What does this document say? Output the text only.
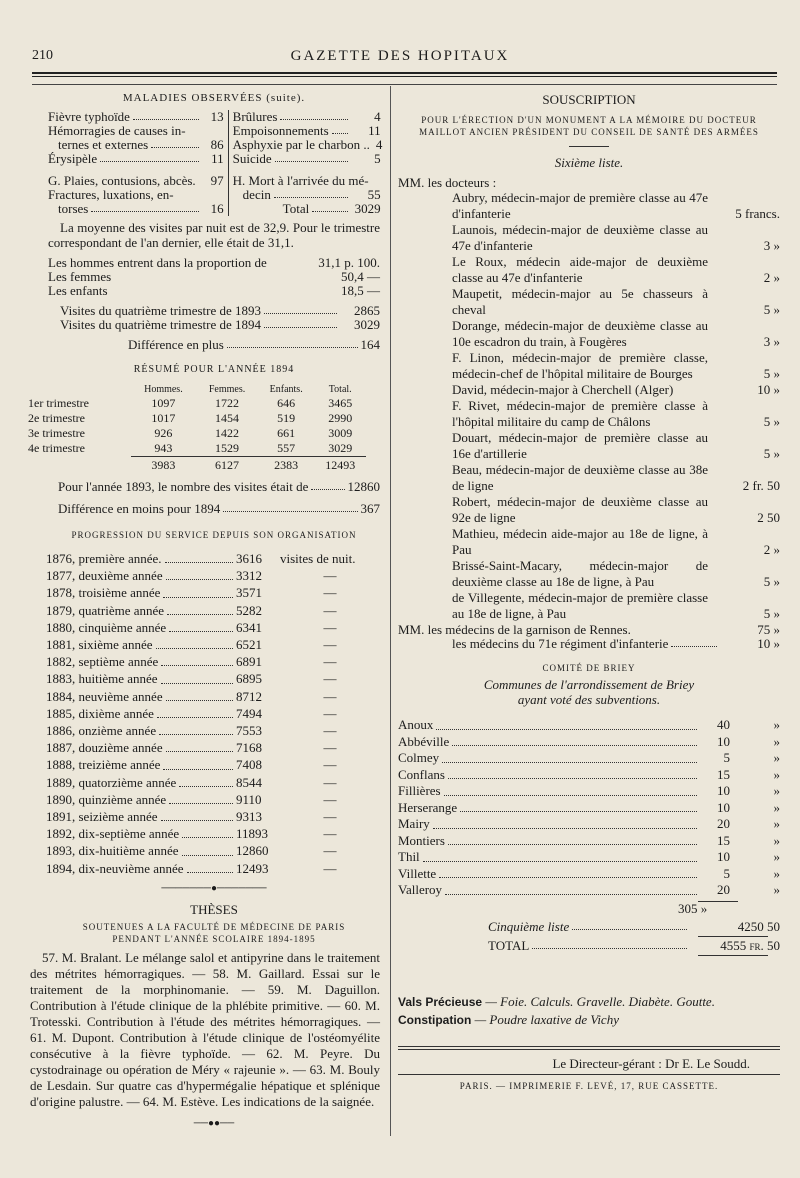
210	GAZETTE DES HOPITAUX
MALADIES OBSERVÉES (suite).
Fièvre typhoïde	13
Hémorragies de causes in-
ternes et externes	86
Érysipèle	11
G. Plaies, contusions, abcès.	97
Fractures, luxations, en-
torses	16
Brûlures	4
Empoisonnements	11
Asphyxie par le charbon .. 4
Suicide	5
H. Mort à l'arrivée du mé-
decin	55
Total	3029
La moyenne des visites par nuit est de 32,9. Pour le trimestre correspondant de l'an dernier, elle était de 31,1.
Les hommes entrent dans la proportion de	31,1 p. 100.
Les femmes	50,4 —
Les enfants	18,5 —
Visites du quatrième trimestre de 1893	2865
Visites du quatrième trimestre de 1894	3029
Différence en plus	164
RÉSUMÉ POUR L'ANNÉE 1894
	Hommes.	Femmes.	Enfants.	Total.
1er trimestre	1097	1722	646	3465
2e trimestre	1017	1454	519	2990
3e trimestre	926	1422	661	3009
4e trimestre	943	1529	557	3029
	3983	6127	2383	12493
Pour l'année 1893, le nombre des visites était de	12860
Différence en moins pour 1894	367
PROGRESSION DU SERVICE DEPUIS SON ORGANISATION
1876, première année.	3616	visites de nuit.
1877, deuxième année	3312	—
1878, troisième année	3571	—
1879, quatrième année	5282	—
1880, cinquième année	6341	—
1881, sixième année	6521	—
1882, septième année	6891	—
1883, huitième année	6895	—
1884, neuvième année	8712	—
1885, dixième année	7494	—
1886, onzième année	7553	—
1887, douzième année	7168	—
1888, treizième année	7408	—
1889, quatorzième année	8544	—
1890, quinzième année	9110	—
1891, seizième année	9313	—
1892, dix-septième année	11893	—
1893, dix-huitième année	12860	—
1894, dix-neuvième année	12493	—
───────●───────
THÈSES
SOUTENUES A LA FACULTÉ DE MÉDECINE DE PARIS
PENDANT L'ANNÉE SCOLAIRE 1894-1895
57. M. Bralant. Le mélange salol et antipyrine dans le traitement des métrites hémorragiques. — 58. M. Gaillard. Essai sur le traitement de la morphinomanie. — 59. M. Daguillon. Contribution à l'étude clinique de la phlébite primitive. — 60. M. Trotesski. Contribution à l'étude des métrites hémorragiques. — 61. M. Dupont. Contribution à l'étude clinique de l'ostéomyélite consécutive à la fièvre typhoïde. — 62. M. Peyre. Du cystodrainage ou opération de Méry « rajeunie ». — 63. M. Bouly de Lesdain. Sur quatre cas d'hypermégalie hépatique et splénique d'origine palustre. — 64. M. Estève. Les indications de la saignée.
──●●──
SOUSCRIPTION
POUR L'ÉRECTION D'UN MONUMENT A LA MÉMOIRE DU DOCTEUR MAILLOT ANCIEN PRÉSIDENT DU CONSEIL DE SANTÉ DES ARMÉES
Sixième liste.
MM. les docteurs :
Aubry, médecin-major de première classe au 47e d'infanterie	5 francs.
Launois, médecin-major de deuxième classe au 47e d'infanterie	3 »
Le Roux, médecin aide-major de deuxième classe au 47e d'infanterie	2 »
Maupetit, médecin-major au 5e chasseurs à cheval	5 »
Dorange, médecin-major de deuxième classe au 10e escadron du train, à Fougères	3 »
F. Linon, médecin-major de première classe, médecin-chef de l'hôpital militaire de Bourges	5 »
David, médecin-major à Cherchell (Alger)	10 »
F. Rivet, médecin-major de première classe à l'hôpital militaire du camp de Châlons	5 »
Douart, médecin-major de première classe au 16e d'artillerie	5 »
Beau, médecin-major de deuxième classe au 38e de ligne	2 fr. 50
Robert, médecin-major de deuxième classe au 92e de ligne	2 50
Mathieu, médecin aide-major au 18e de ligne, à Pau	2 »
Brissé-Saint-Macary, médecin-major de deuxième classe au 18e de ligne, à Pau	5 »
de Villegente, médecin-major de première classe au 18e de ligne, à Pau	5 »
MM. les médecins de la garnison de Rennes.	75 »
les médecins du 71e régiment d'infanterie	10 »
COMITÉ DE BRIEY
Communes de l'arrondissement de Briey ayant voté des subventions.
Anoux	40	»
Abbéville	10	»
Colmey	5	»
Conflans	15	»
Fillières	10	»
Herserange	10	»
Mairy	20	»
Montiers	15	»
Thil	10	»
Villette	5	»
Valleroy	20	»
305 »
Cinquième liste	4250 50
TOTAL	4555 fr. 50
Vals Précieuse — Foie. Calculs. Gravelle. Diabète. Goutte.
Constipation — Poudre laxative de Vichy
Le Directeur-gérant : Dr E. Le Soudd.
PARIS. — IMPRIMERIE F. LEVÉ, 17, RUE CASSETTE.
